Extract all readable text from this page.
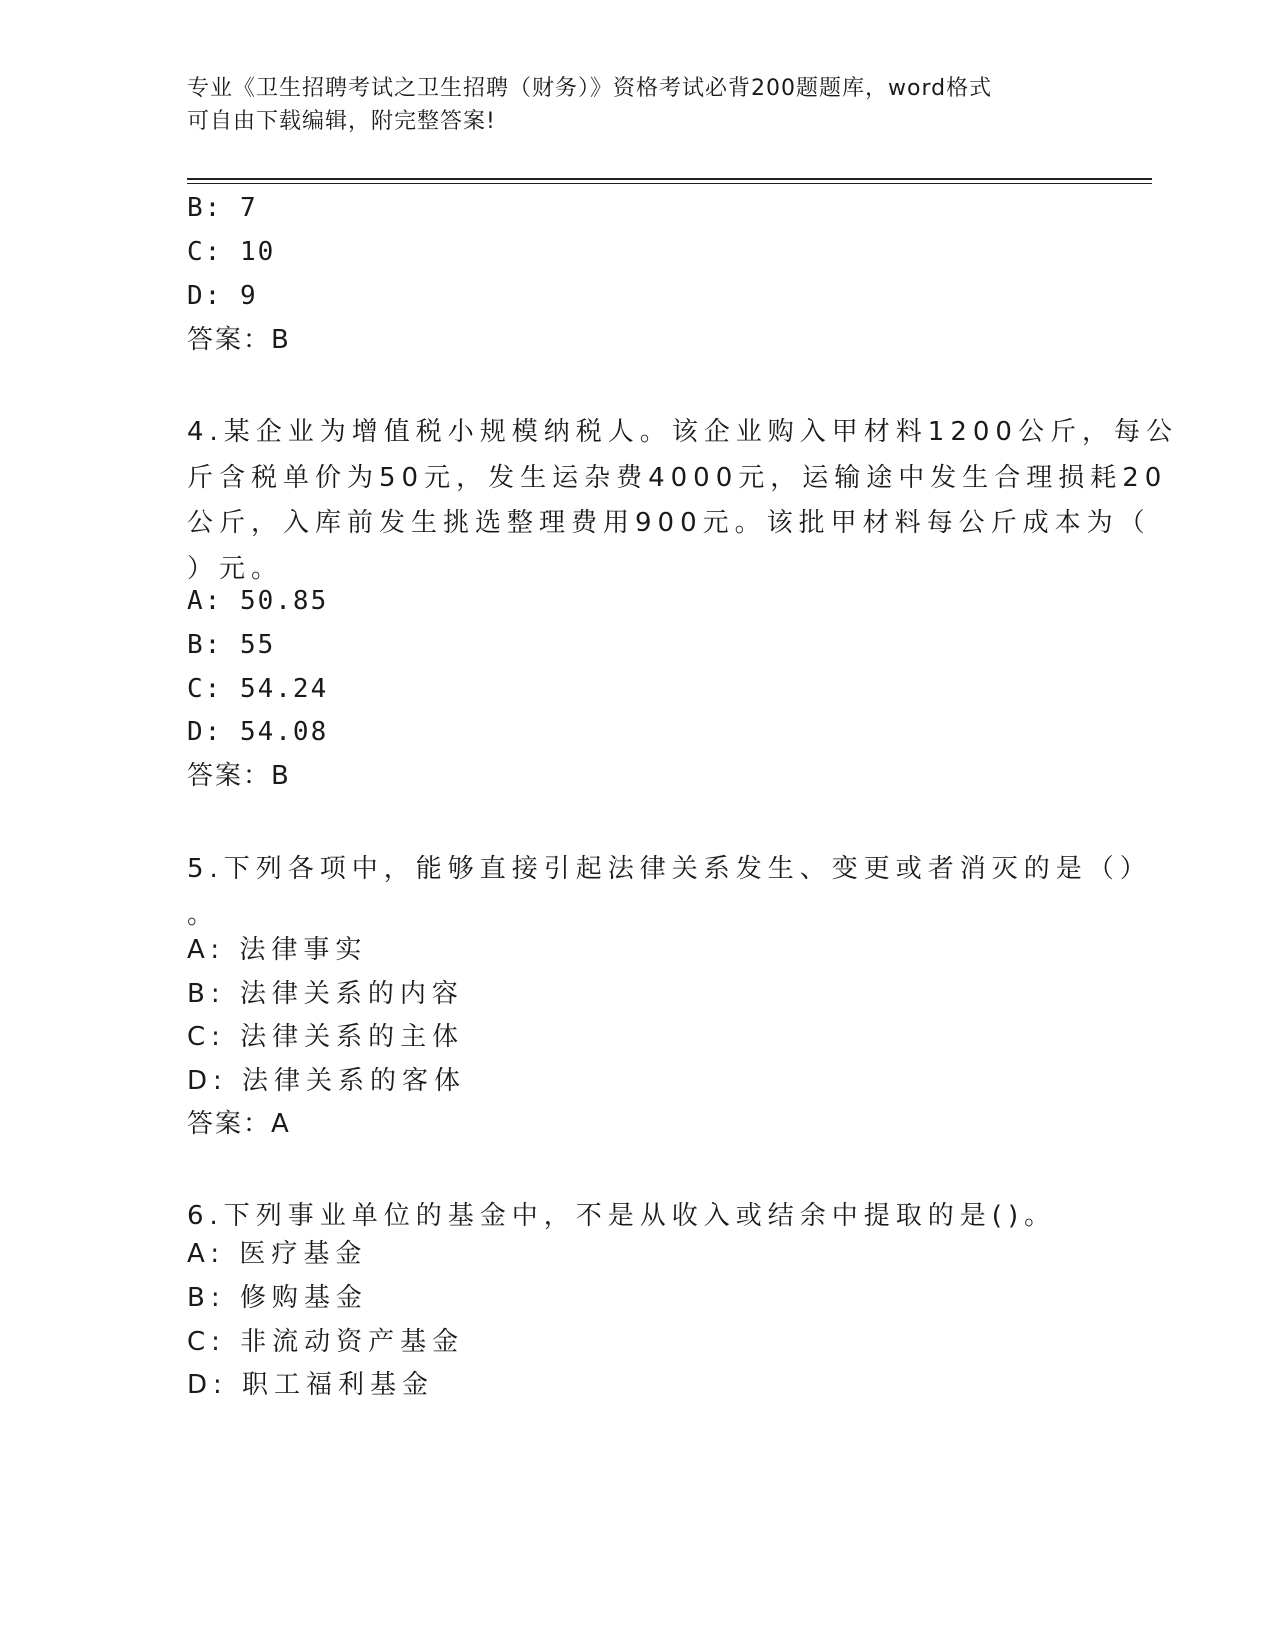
专业《卫生招聘考试之卫生招聘（财务）》资格考试必背200题题库，word格式
可自由下载编辑，附完整答案!
B: 7
C: 10
D: 9
答案：B
4.某企业为增值税小规模纳税人。该企业购入甲材料1200公斤，每公
斤含税单价为50元，发生运杂费4000元，运输途中发生合理损耗20
公斤，入库前发生挑选整理费用900元。该批甲材料每公斤成本为（
）元。
A: 50.85
B: 55
C: 54.24
D: 54.08
答案：B
5.下列各项中，能够直接引起法律关系发生、变更或者消灭的是（）
。
A: 法律事实
B: 法律关系的内容
C: 法律关系的主体
D: 法律关系的客体
答案：A
6.下列事业单位的基金中，不是从收入或结余中提取的是()。
A: 医疗基金
B: 修购基金
C: 非流动资产基金
D: 职工福利基金
